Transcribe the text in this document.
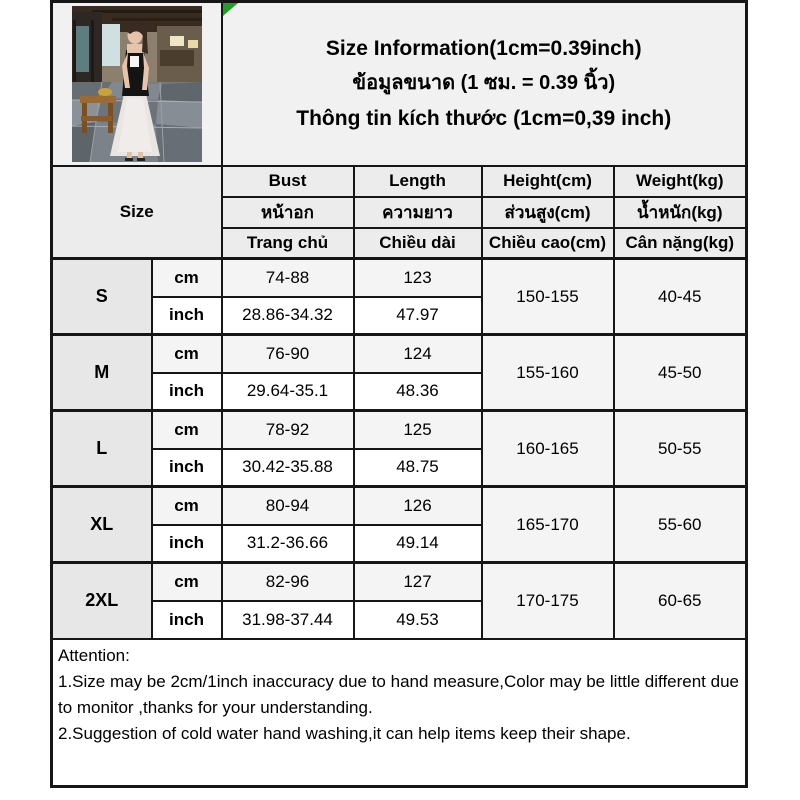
Size Information(1cm=0.39inch)
ข้อมูลขนาด (1 ซม. = 0.39 นิ้ว)
Thông tin kích thước (1cm=0,39 inch)			

Size		Bust	Length	Height(cm)	Weight(kg)
		หน้าอก	ความยาว	ส่วนสูง(cm)	น้ำหนัก(kg)
		Trang chủ	Chiều dài	Chiều cao(cm)	Cân nặng(kg)
S	cm	74-88	123	150-155	40-45
	inch	28.86-34.32	47.97		
M	cm	76-90	124	155-160	45-50
	inch	29.64-35.1	48.36		
L	cm	78-92	125	160-165	50-55
	inch	30.42-35.88	48.75		
XL	cm	80-94	126	165-170	55-60
	inch	31.2-36.66	49.14		
2XL	cm	82-96	127	170-175	60-65
	inch	31.98-37.44	49.53		

Attention:
1.Size may be 2cm/1inch inaccuracy due to hand measure,Color may be little different due to monitor ,thanks for your understanding.
2.Suggestion of cold water hand washing,it can help items keep their shape.					
